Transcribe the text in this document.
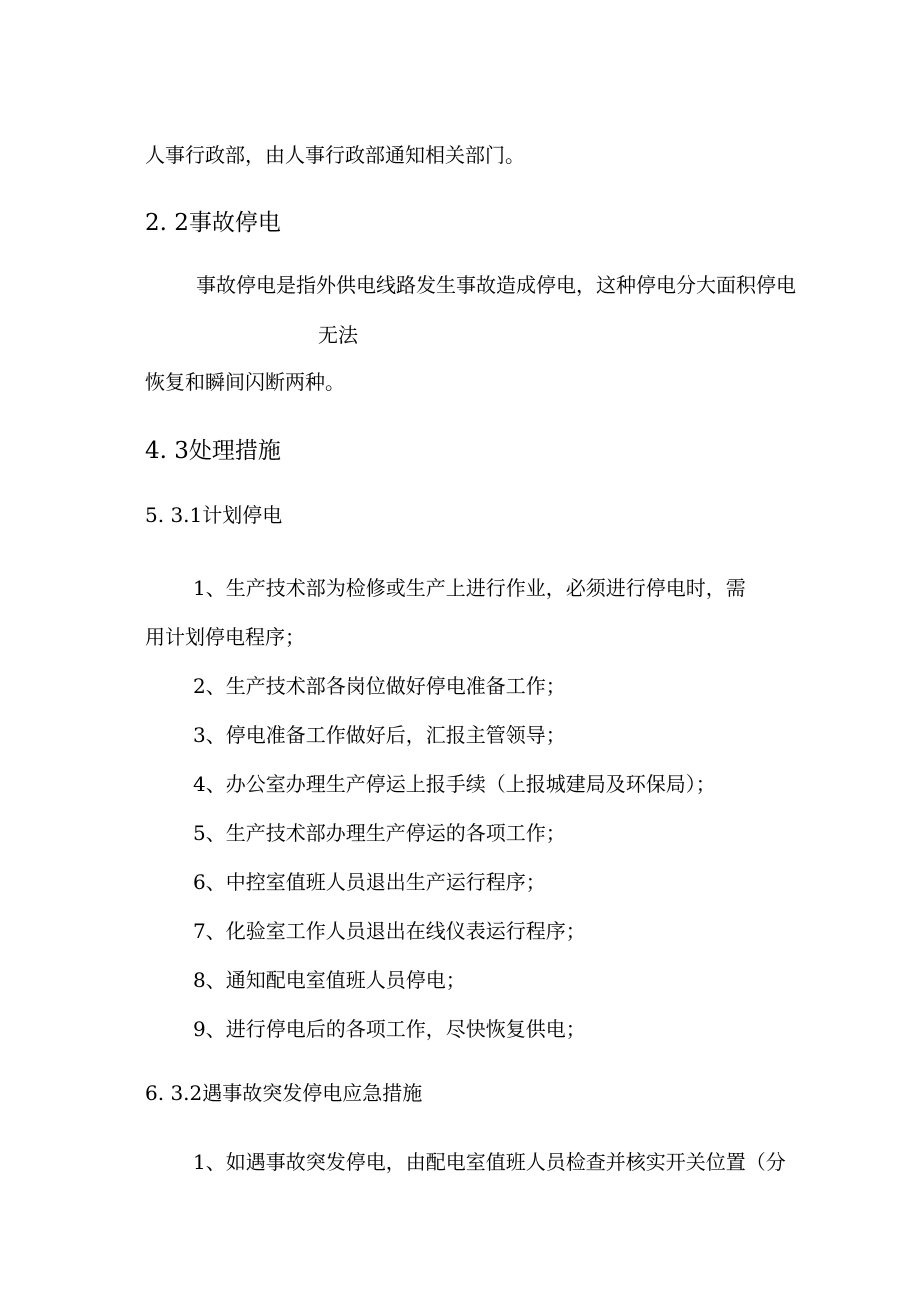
人事行政部，由人事行政部通知相关部门。
2. 2事故停电
事故停电是指外供电线路发生事故造成停电，这种停电分大面积停电
无法
恢复和瞬间闪断两种。
4. 3处理措施
5. 3.1计划停电
1、生产技术部为检修或生产上进行作业，必须进行停电时，需
用计划停电程序；
2、生产技术部各岗位做好停电准备工作；
3、停电准备工作做好后，汇报主管领导；
4、办公室办理生产停运上报手续（上报城建局及环保局）；
5、生产技术部办理生产停运的各项工作；
6、中控室值班人员退出生产运行程序；
7、化验室工作人员退出在线仪表运行程序；
8、通知配电室值班人员停电；
9、进行停电后的各项工作，尽快恢复供电；
6. 3.2遇事故突发停电应急措施
1、如遇事故突发停电，由配电室值班人员检查并核实开关位置（分
